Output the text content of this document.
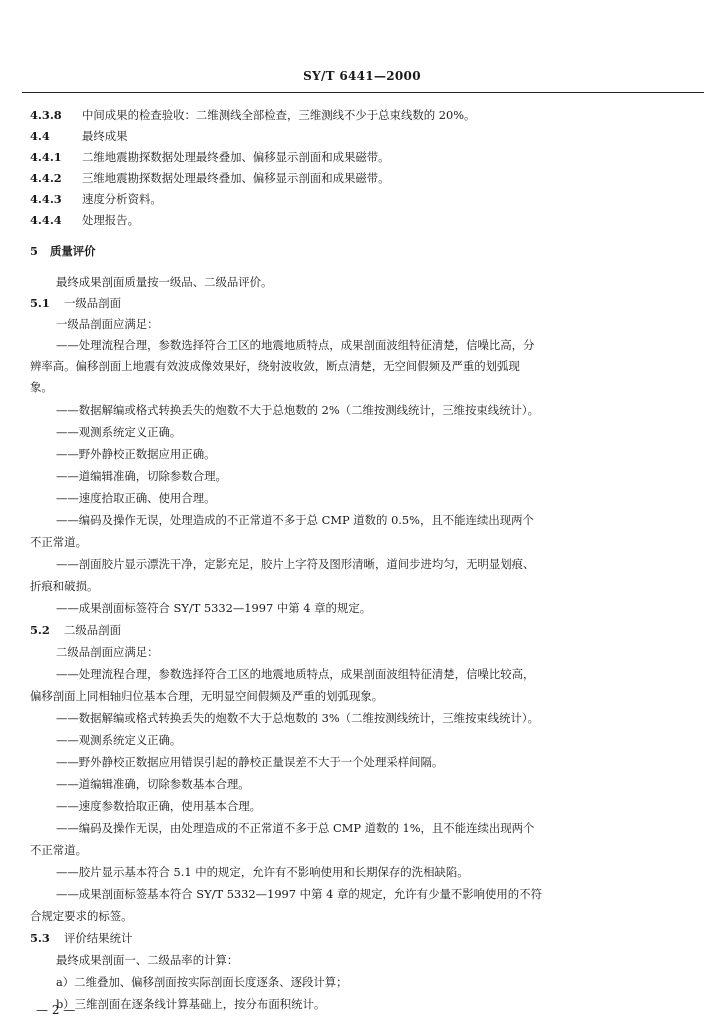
SY/T 6441—2000
4.3.8 中间成果的检查验收：二维测线全部检查，三维测线不少于总束线数的 20%。
4.4	最终成果
4.4.1 二维地震勘探数据处理最终叠加、偏移显示剖面和成果磁带。
4.4.2 三维地震勘探数据处理最终叠加、偏移显示剖面和成果磁带。
4.4.3 速度分析资料。
4.4.4 处理报告。
5 质量评价
最终成果剖面质量按一级品、二级品评价。
5.1 一级品剖面
一级品剖面应满足：
——处理流程合理，参数选择符合工区的地震地质特点，成果剖面波组特征清楚，信噪比高，分
辨率高。偏移剖面上地震有效波成像效果好，绕射波收敛，断点清楚，无空间假频及严重的划弧现
象。
——数据解编或格式转换丢失的炮数不大于总炮数的 2%（二维按测线统计，三维按束线统计）。
——观测系统定义正确。
——野外静校正数据应用正确。
——道编辑准确，切除参数合理。
——速度拾取正确、使用合理。
——编码及操作无误，处理造成的不正常道不多于总 CMP 道数的 0.5%，且不能连续出现两个
不正常道。
——剖面胶片显示漂洗干净，定影充足，胶片上字符及图形清晰，道间步进均匀，无明显划痕、
折痕和破损。
——成果剖面标签符合 SY/T 5332—1997 中第 4 章的规定。
5.2 二级品剖面
二级品剖面应满足：
——处理流程合理，参数选择符合工区的地震地质特点，成果剖面波组特征清楚，信噪比较高，
偏移剖面上同相轴归位基本合理，无明显空间假频及严重的划弧现象。
——数据解编或格式转换丢失的炮数不大于总炮数的 3%（二维按测线统计，三维按束线统计）。
——观测系统定义正确。
——野外静校正数据应用错误引起的静校正量误差不大于一个处理采样间隔。
——道编辑准确，切除参数基本合理。
——速度参数拾取正确，使用基本合理。
——编码及操作无误，由处理造成的不正常道不多于总 CMP 道数的 1%，且不能连续出现两个
不正常道。
——胶片显示基本符合 5.1 中的规定，允许有不影响使用和长期保存的洗相缺陷。
——成果剖面标签基本符合 SY/T 5332—1997 中第 4 章的规定，允许有少量不影响使用的不符
合规定要求的标签。
5.3 评价结果统计
最终成果剖面一、二级品率的计算：
a）二维叠加、偏移剖面按实际剖面长度逐条、逐段计算；
b）三维剖面在逐条线计算基础上，按分布面积统计。
— 2 —
